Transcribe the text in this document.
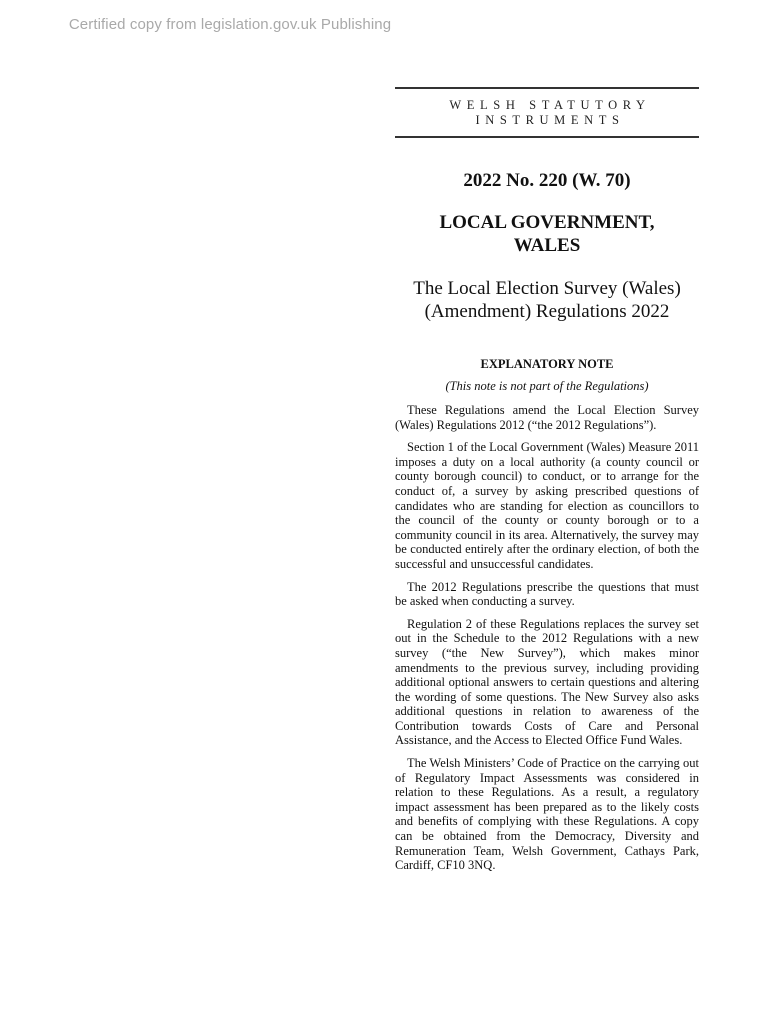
Certified copy from legislation.gov.uk Publishing
WELSH STATUTORY
INSTRUMENTS
2022 No. 220 (W. 70)
LOCAL GOVERNMENT,
WALES
The Local Election Survey (Wales)
(Amendment) Regulations 2022
EXPLANATORY NOTE
(This note is not part of the Regulations)

These Regulations amend the Local Election Survey (Wales) Regulations 2012 (“the 2012 Regulations”).

Section 1 of the Local Government (Wales) Measure 2011 imposes a duty on a local authority (a county council or county borough council) to conduct, or to arrange for the conduct of, a survey by asking prescribed questions of candidates who are standing for election as councillors to the council of the county or county borough or to a community council in its area. Alternatively, the survey may be conducted entirely after the ordinary election, of both the successful and unsuccessful candidates.

The 2012 Regulations prescribe the questions that must be asked when conducting a survey.

Regulation 2 of these Regulations replaces the survey set out in the Schedule to the 2012 Regulations with a new survey (“the New Survey”), which makes minor amendments to the previous survey, including providing additional optional answers to certain questions and altering the wording of some questions. The New Survey also asks additional questions in relation to awareness of the Contribution towards Costs of Care and Personal Assistance, and the Access to Elected Office Fund Wales.

The Welsh Ministers’ Code of Practice on the carrying out of Regulatory Impact Assessments was considered in relation to these Regulations. As a result, a regulatory impact assessment has been prepared as to the likely costs and benefits of complying with these Regulations. A copy can be obtained from the Democracy, Diversity and Remuneration Team, Welsh Government, Cathays Park, Cardiff, CF10 3NQ.
